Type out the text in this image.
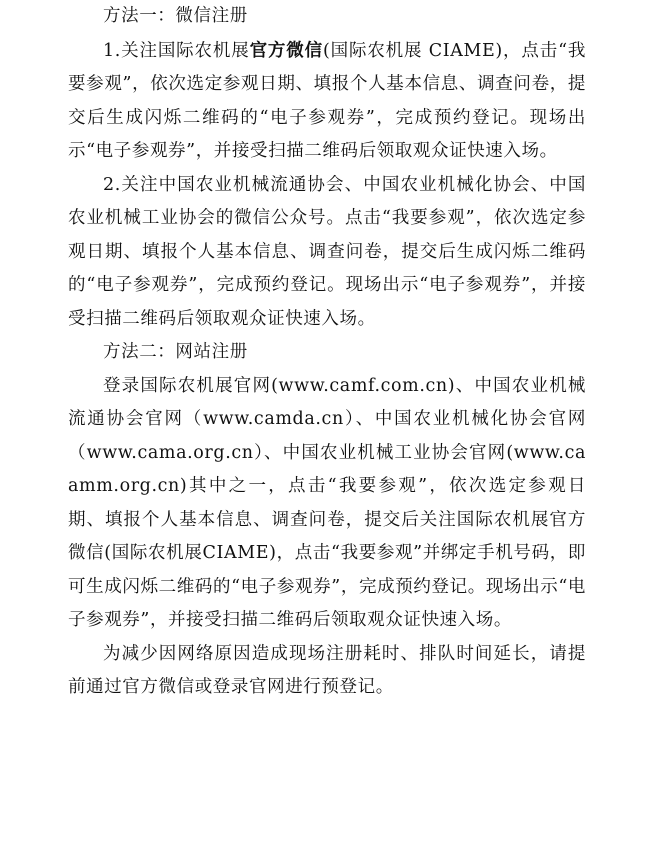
方法一：微信注册

1.关注国际农机展官方微信(国际农机展 CIAME)，点击“我要参观”，依次选定参观日期、填报个人基本信息、调查问卷，提交后生成闪烁二维码的“电子参观券”，完成预约登记。现场出示“电子参观券”，并接受扫描二维码后领取观众证快速入场。

2.关注中国农业机械流通协会、中国农业机械化协会、中国农业机械工业协会的微信公众号。点击“我要参观”，依次选定参观日期、填报个人基本信息、调查问卷，提交后生成闪烁二维码的“电子参观券”，完成预约登记。现场出示“电子参观券”，并接受扫描二维码后领取观众证快速入场。

方法二：网站注册

登录国际农机展官网(www.camf.com.cn)、中国农业机械流通协会官网（www.camda.cn）、中国农业机械化协会官网（www.cama.org.cn）、中国农业机械工业协会官网(www.caamm.org.cn)其中之一，点击“我要参观”，依次选定参观日期、填报个人基本信息、调查问卷，提交后关注国际农机展官方微信(国际农机展CIAME)，点击“我要参观”并绑定手机号码，即可生成闪烁二维码的“电子参观券”，完成预约登记。现场出示“电子参观券”，并接受扫描二维码后领取观众证快速入场。

为减少因网络原因造成现场注册耗时、排队时间延长，请提前通过官方微信或登录官网进行预登记。
